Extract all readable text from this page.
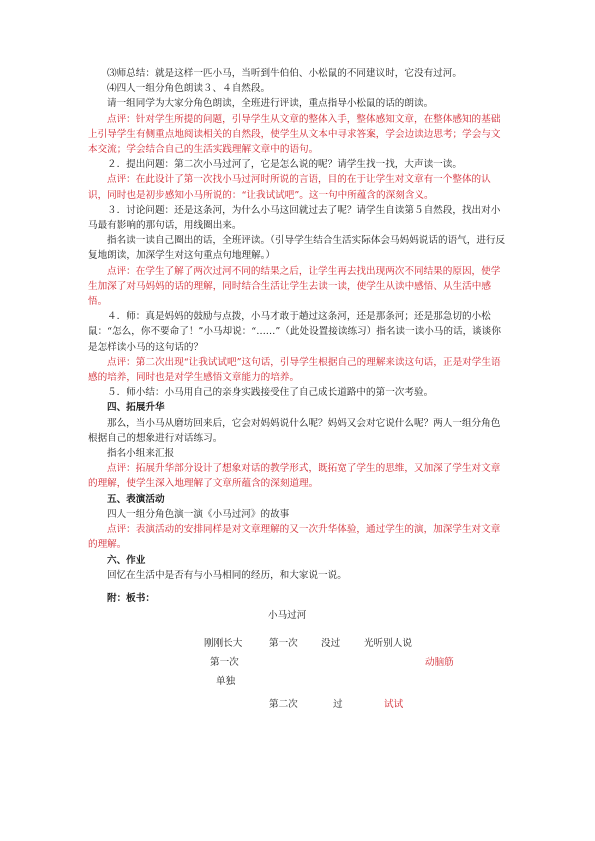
⑶师总结：就是这样一匹小马，当听到牛伯伯、小松鼠的不同建议时，它没有过河。

⑷四人一组分角色朗读３、４自然段。

请一组同学为大家分角色朗读，全班进行评读，重点指导小松鼠的话的朗读。

点评：针对学生所提的问题，引导学生从文章的整体入手，整体感知文章，在整体感知的基础上引导学生有侧重点地阅读相关的自然段，使学生从文本中寻求答案，学会边读边思考；学会与文本交流；学会结合自己的生活实践理解文章中的语句。

２．提出问题：第二次小马过河了，它是怎么说的呢？请学生找一找，大声读一读。

点评：在此设计了第一次找小马过河时所说的言语，目的在于让学生对文章有一个整体的认识，同时也是初步感知小马所说的：“让我试试吧”。这一句中所蕴含的深刻含义。

３．讨论问题：还是这条河，为什么小马这回就过去了呢？请学生自读第５自然段，找出对小马最有影响的那句话，用线圈出来。

指名读一读自己圈出的话，全班评读。（引导学生结合生活实际体会马妈妈说话的语气，进行反复地朗读，加深学生对这句重点句地理解。）

点评：在学生了解了两次过河不同的结果之后，让学生再去找出现两次不同结果的原因，使学生加深了对马妈妈的话的理解，同时结合生活让学生去读一读，使学生从读中感悟、从生活中感悟。

４．师：真是妈妈的鼓励与点拨，小马才敢于趟过这条河，还是那条河；还是那急切的小松鼠：“怎么，你不要命了！”小马却说：“……”（此处设置接读练习）指名读一读小马的话，谈谈你是怎样读小马的这句话的？

点评：第二次出现“让我试试吧”这句话，引导学生根据自己的理解来读这句话，正是对学生语感的培养，同时也是对学生感悟文章能力的培养。

５．师小结：小马用自己的亲身实践接受住了自己成长道路中的第一次考验。

四、拓展升华

那么，当小马从磨坊回来后，它会对妈妈说什么呢？妈妈又会对它说什么呢？两人一组分角色根据自己的想象进行对话练习。

指名小组来汇报

点评：拓展升华部分设计了想象对话的教学形式，既拓宽了学生的思维，又加深了学生对文章的理解，使学生深入地理解了文章所蕴含的深刻道理。

五、表演活动

四人一组分角色演一演《小马过河》的故事

点评：表演活动的安排同样是对文章理解的又一次升华体验，通过学生的演，加深学生对文章的理解。

六、作业

回忆在生活中是否有与小马相同的经历，和大家说一说。

附：板书：

小马过河
刚刚长大	第一次 没过 光听别人说
第一次	动脑筋
单独
第二次	过	试试
